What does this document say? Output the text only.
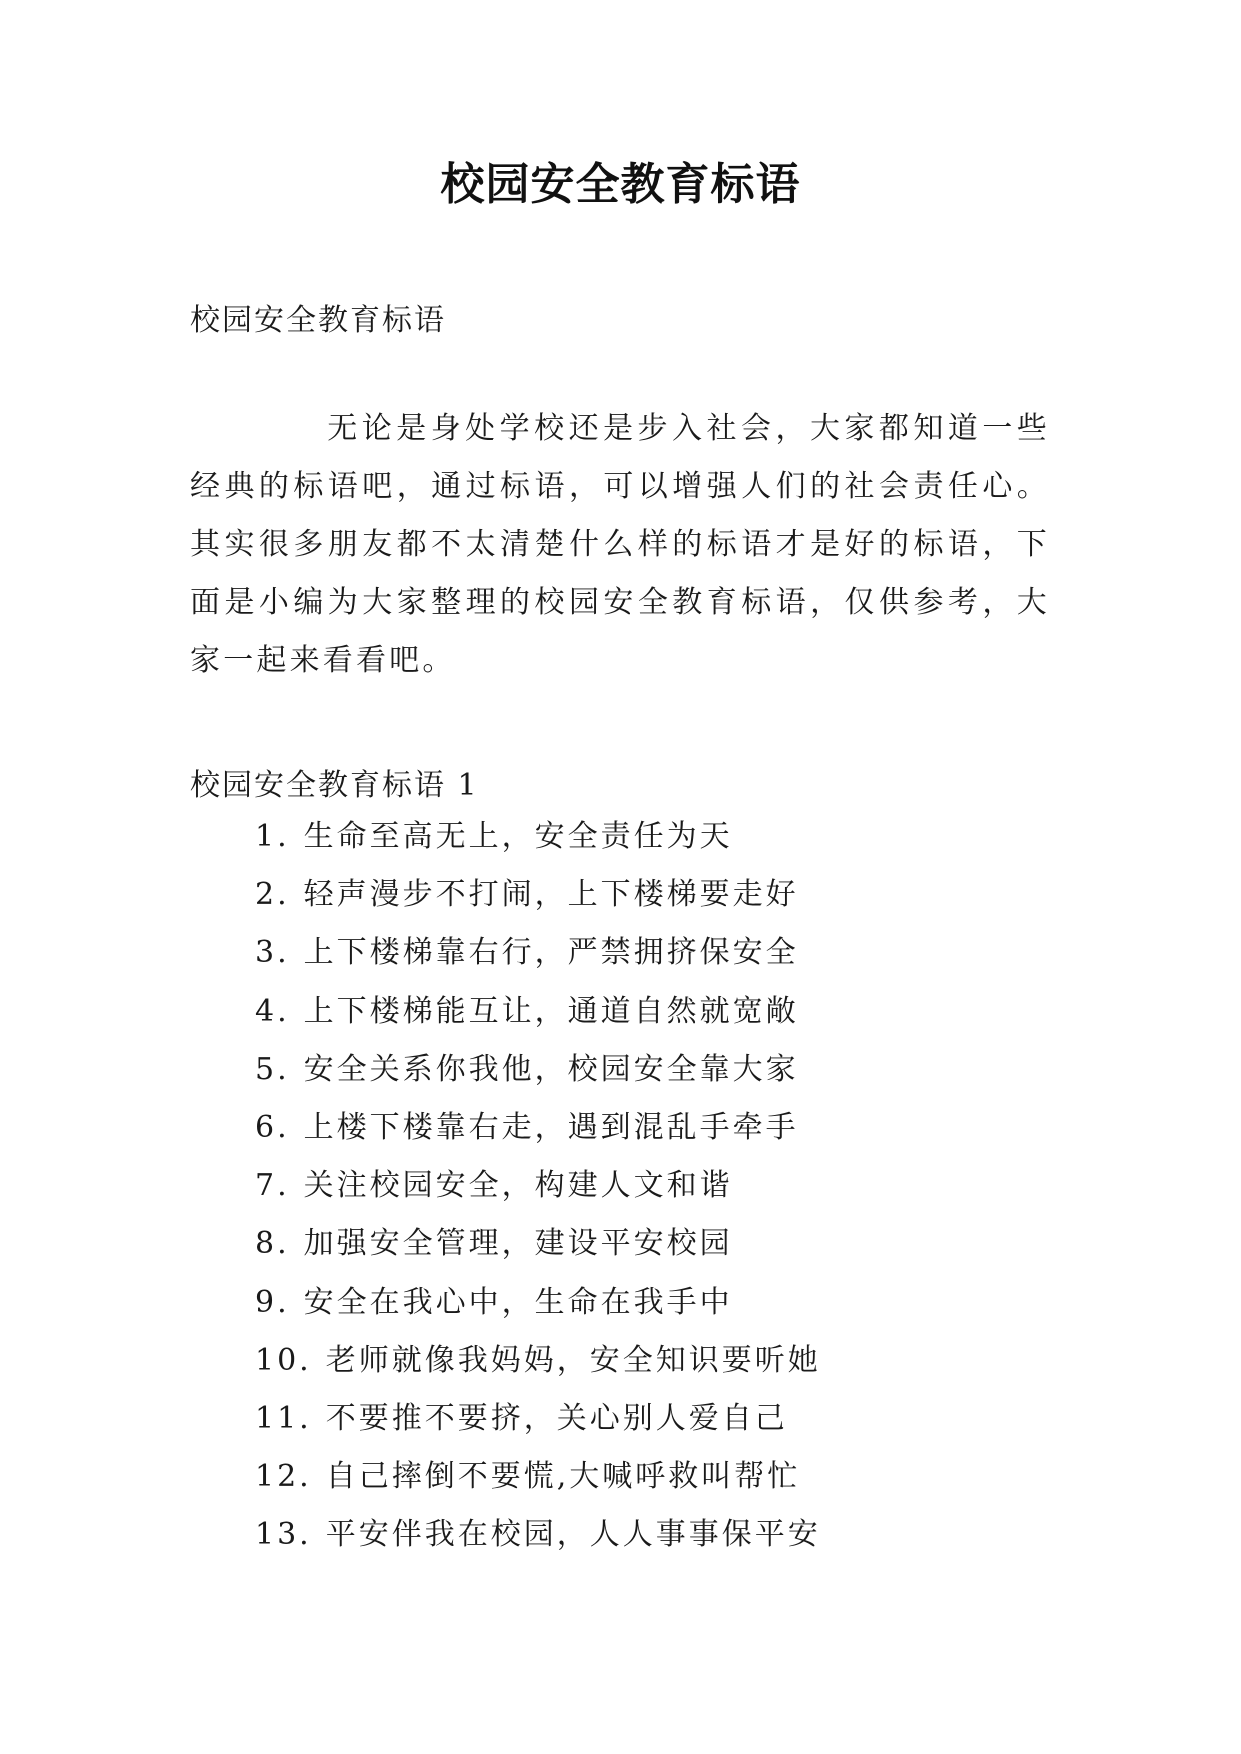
校园安全教育标语
校园安全教育标语
无论是身处学校还是步入社会，大家都知道一些经典的标语吧，通过标语，可以增强人们的社会责任心。其实很多朋友都不太清楚什么样的标语才是好的标语，下面是小编为大家整理的校园安全教育标语，仅供参考，大家一起来看看吧。
校园安全教育标语 1
1. 生命至高无上，安全责任为天
2. 轻声漫步不打闹，上下楼梯要走好
3. 上下楼梯靠右行，严禁拥挤保安全
4. 上下楼梯能互让，通道自然就宽敞
5. 安全关系你我他，校园安全靠大家
6. 上楼下楼靠右走，遇到混乱手牵手
7. 关注校园安全，构建人文和谐
8. 加强安全管理，建设平安校园
9. 安全在我心中，生命在我手中
10. 老师就像我妈妈，安全知识要听她
11. 不要推不要挤，关心别人爱自己
12. 自己摔倒不要慌,大喊呼救叫帮忙
13. 平安伴我在校园，人人事事保平安
